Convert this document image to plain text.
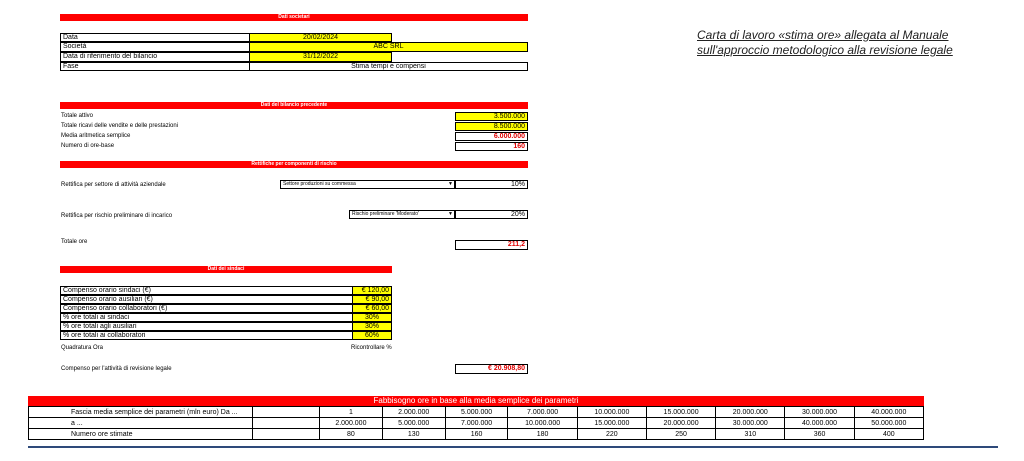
Dati societari
Data	20/02/2024
Società	ABC SRL
Data di riferimento del bilancio	31/12/2022
Fase	Stima tempi e compensi
Dati del bilancio precedente
Totale attivo	3.500.000
Totale ricavi delle vendite e delle prestazioni	8.500.000
Media aritmetica semplice	6.000.000
Numero di ore-base	160
Rettifiche per componenti di rischio
Rettifica per settore di attività aziendale	Settore produzioni su commessa	▼	10%
Rettifica per rischio preliminare di incarico	Rischio preliminare 'Moderato'	▼	20%
Totale ore	211,2
Dati dei sindaci
Compenso orario sindaci (€)	€ 120,00
Compenso orario ausiliari (€)	€ 90,00
Compenso orario collaboratori (€)	€ 60,00
% ore totali ai sindaci	30%
% ore totali agli ausiliari	30%
% ore totali ai collaboratori	60%
Quadratura Ora	Ricontrollare %
Compenso per l'attività di revisione legale	€ 20.908,80
Carta di lavoro «stima ore» allegata al Manuale
sull'approccio metodologico alla revisione legale
Fabbisogno ore in base alla media semplice dei parametri
Fascia media semplice dei parametri (mln euro) Da ...		1	2.000.000	5.000.000	7.000.000	10.000.000	15.000.000	20.000.000	30.000.000	40.000.000
a ...		2.000.000	5.000.000	7.000.000	10.000.000	15.000.000	20.000.000	30.000.000	40.000.000	50.000.000
Numero ore stimate		80	130	160	180	220	250	310	360	400
